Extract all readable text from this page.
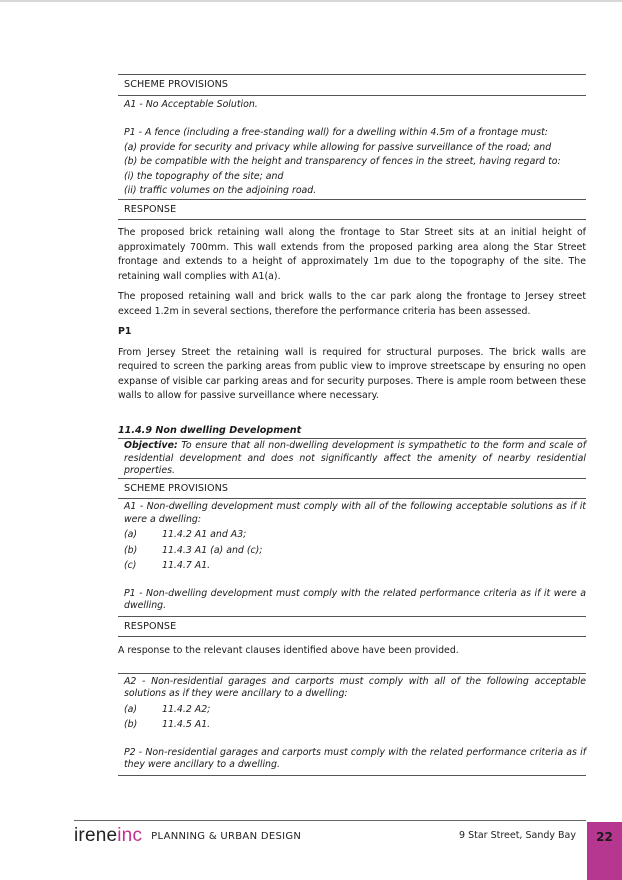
SCHEME PROVISIONS
A1 - No Acceptable Solution.
P1 - A fence (including a free-standing wall) for a dwelling within 4.5m of a frontage must:
(a) provide for security and privacy while allowing for passive surveillance of the road; and
(b) be compatible with the height and transparency of fences in the street, having regard to:
(i) the topography of the site; and
(ii) traffic volumes on the adjoining road.
RESPONSE

The proposed brick retaining wall along the frontage to Star Street sits at an initial height of approximately 700mm. This wall extends from the proposed parking area along the Star Street frontage and extends to a height of approximately 1m due to the topography of the site. The retaining wall complies with A1(a).

The proposed retaining wall and brick walls to the car park along the frontage to Jersey street exceed 1.2m in several sections, therefore the performance criteria has been assessed.

P1

From Jersey Street the retaining wall is required for structural purposes. The brick walls are required to screen the parking areas from public view to improve streetscape by ensuring no open expanse of visible car parking areas and for security purposes. There is ample room between these walls to allow for passive surveillance where necessary.

11.4.9 Non dwelling Development
Objective: To ensure that all non-dwelling development is sympathetic to the form and scale of residential development and does not significantly affect the amenity of nearby residential properties.
SCHEME PROVISIONS
A1 - Non-dwelling development must comply with all of the following acceptable solutions as if it were a dwelling:
(a)	11.4.2 A1 and A3;
(b)	11.4.3 A1 (a) and (c);
(c)	11.4.7 A1.
P1 - Non-dwelling development must comply with the related performance criteria as if it were a dwelling.
RESPONSE

A response to the relevant clauses identified above have been provided.

A2 - Non-residential garages and carports must comply with all of the following acceptable solutions as if they were ancillary to a dwelling:
(a)	11.4.2 A2;
(b)	11.4.5 A1.
P2 - Non-residential garages and carports must comply with the related performance criteria as if they were ancillary to a dwelling.
ireneinc PLANNING & URBAN DESIGN	9 Star Street, Sandy Bay	22
